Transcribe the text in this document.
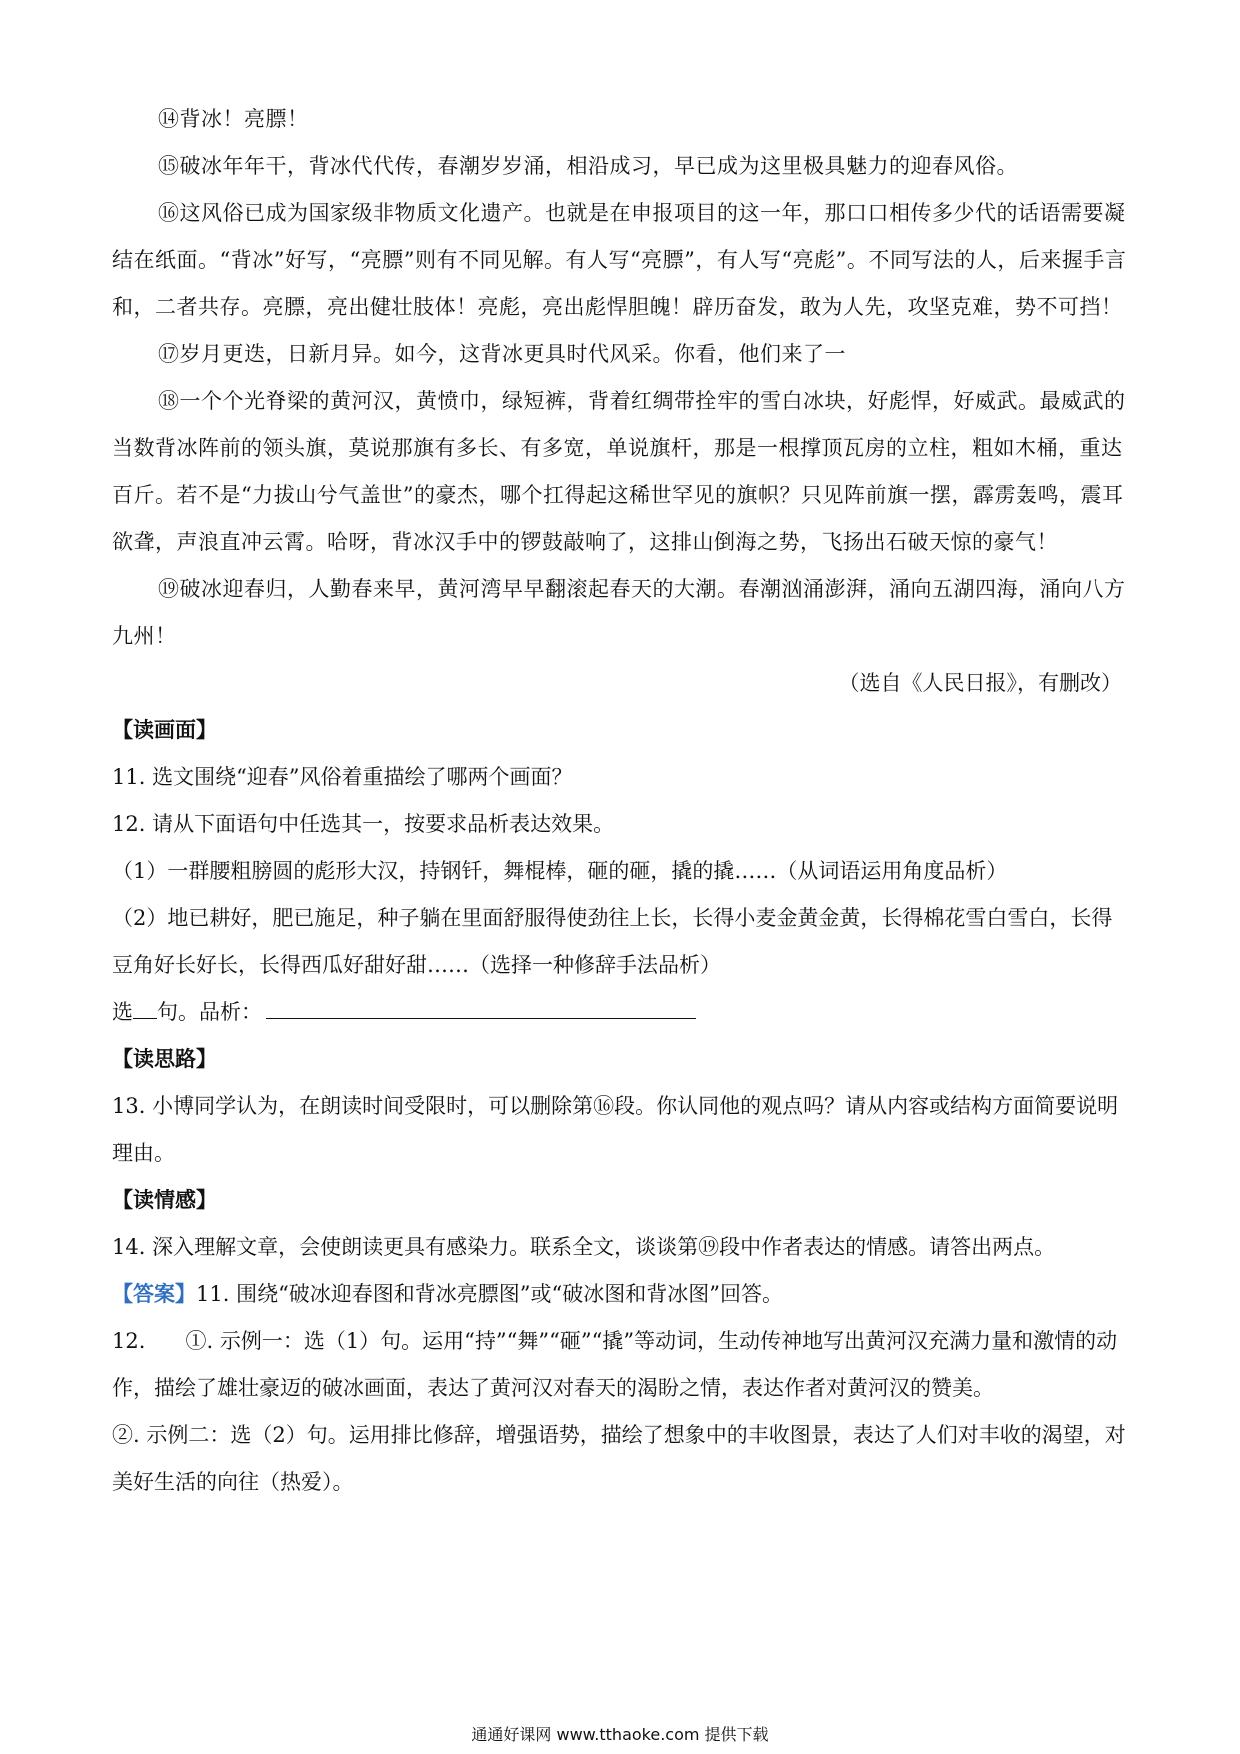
⑭背冰！亮膘！

⑮破冰年年干，背冰代代传，春潮岁岁涌，相沿成习，早已成为这里极具魅力的迎春风俗。

⑯这风俗已成为国家级非物质文化遗产。也就是在申报项目的这一年，那口口相传多少代的话语需要凝结在纸面。“背冰”好写，“亮膘”则有不同见解。有人写“亮膘”，有人写“亮彪”。不同写法的人，后来握手言和，二者共存。亮膘，亮出健壮肢体！亮彪，亮出彪悍胆魄！辟历奋发，敢为人先，攻坚克难，势不可挡！

⑰岁月更迭，日新月异。如今，这背冰更具时代风采。你看，他们来了一

⑱一个个光脊梁的黄河汉，黄愤巾，绿短裤，背着红绸带拴牢的雪白冰块，好彪悍，好威武。最威武的当数背冰阵前的领头旗，莫说那旗有多长、有多宽，单说旗杆，那是一根撑顶瓦房的立柱，粗如木桶，重达百斤。若不是“力拔山兮气盖世”的豪杰，哪个扛得起这稀世罕见的旗帜？只见阵前旗一摆，霹雳轰鸣，震耳欲聋，声浪直冲云霄。哈呀，背冰汉手中的锣鼓敲响了，这排山倒海之势，飞扬出石破天惊的豪气！

⑲破冰迎春归，人勤春来早，黄河湾早早翻滚起春天的大潮。春潮汹涌澎湃，涌向五湖四海，涌向八方九州！

（选自《人民日报》，有删改）

【读画面】

11. 选文围绕“迎春”风俗着重描绘了哪两个画面？

12. 请从下面语句中任选其一，按要求品析表达效果。

（1）一群腰粗膀圆的彪形大汉，持钢钎，舞棍棒，砸的砸，撬的撬……（从词语运用角度品析）

（2）地已耕好，肥已施足，种子躺在里面舒服得使劲往上长，长得小麦金黄金黄，长得棉花雪白雪白，长得豆角好长好长，长得西瓜好甜好甜……（选择一种修辞手法品析）

选 句。品析：

【读思路】

13. 小博同学认为，在朗读时间受限时，可以删除第⑯段。你认同他的观点吗？请从内容或结构方面简要说明理由。

【读情感】

14. 深入理解文章，会使朗读更具有感染力。联系全文，谈谈第⑲段中作者表达的情感。请答出两点。

【答案】11. 围绕“破冰迎春图和背冰亮膘图”或“破冰图和背冰图”回答。

12. ①. 示例一：选（1）句。运用“持”“舞”“砸”“撬”等动词，生动传神地写出黄河汉充满力量和激情的动作，描绘了雄壮豪迈的破冰画面，表达了黄河汉对春天的渴盼之情，表达作者对黄河汉的赞美。

②. 示例二：选（2）句。运用排比修辞，增强语势，描绘了想象中的丰收图景，表达了人们对丰收的渴望，对美好生活的向往（热爱）。

通通好课网 www.tthaoke.com 提供下载
